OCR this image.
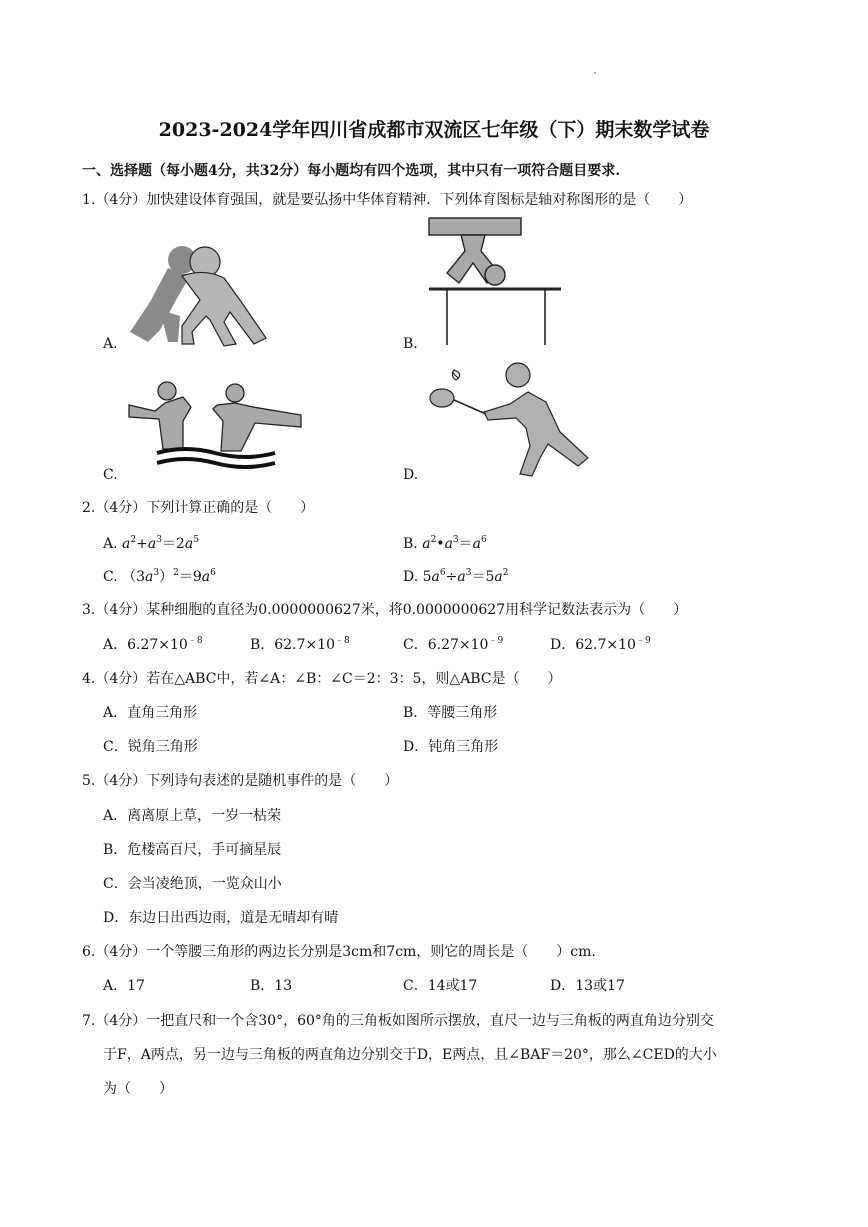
2023-2024学年四川省成都市双流区七年级（下）期末数学试卷
一、选择题（每小题4分，共32分）每小题均有四个选项，其中只有一项符合题目要求.
1.（4分）加快建设体育强国，就是要弘扬中华体育精神．下列体育图标是轴对称图形的是（　　）
A.	B.
C.	D.
2.（4分）下列计算正确的是（　　）
A. $a^2+a^3=2a^5$	B. $a^2•a^3=a^6$
C. $(3a^3)^2=9a^6$	D. $5a^6\div a^3=5a^2$
3.（4分）某种细胞的直径为0.0000000627米，将0.0000000627用科学记数法表示为（　　）
A．$6.27\times 10^{﹣8}$	B．$62.7\times 10^{﹣8}$	C．$6.27\times 10^{﹣9}$	D．$62.7\times 10^{﹣9}$
4.（4分）若在△ABC中，若∠A：∠B：∠C＝2：3：5，则△ABC是（　　）
A．直角三角形	B．等腰三角形
C．锐角三角形	D．钝角三角形
5.（4分）下列诗句表述的是随机事件的是（　　）
A．离离原上草，一岁一枯荣
B．危楼高百尺，手可摘星辰
C．会当凌绝顶，一览众山小
D．东边日出西边雨，道是无晴却有晴
6.（4分）一个等腰三角形的两边长分别是3cm和7cm，则它的周长是（　　）cm．
A．17	B．13	C．14或17	D．13或17
7.（4分）一把直尺和一个含30°，60°角的三角板如图所示摆放，直尺一边与三角板的两直角边分别交
于F，A两点，另一边与三角板的两直角边分别交于D，E两点，且∠BAF＝20°，那么∠CED的大小
为（　　）
